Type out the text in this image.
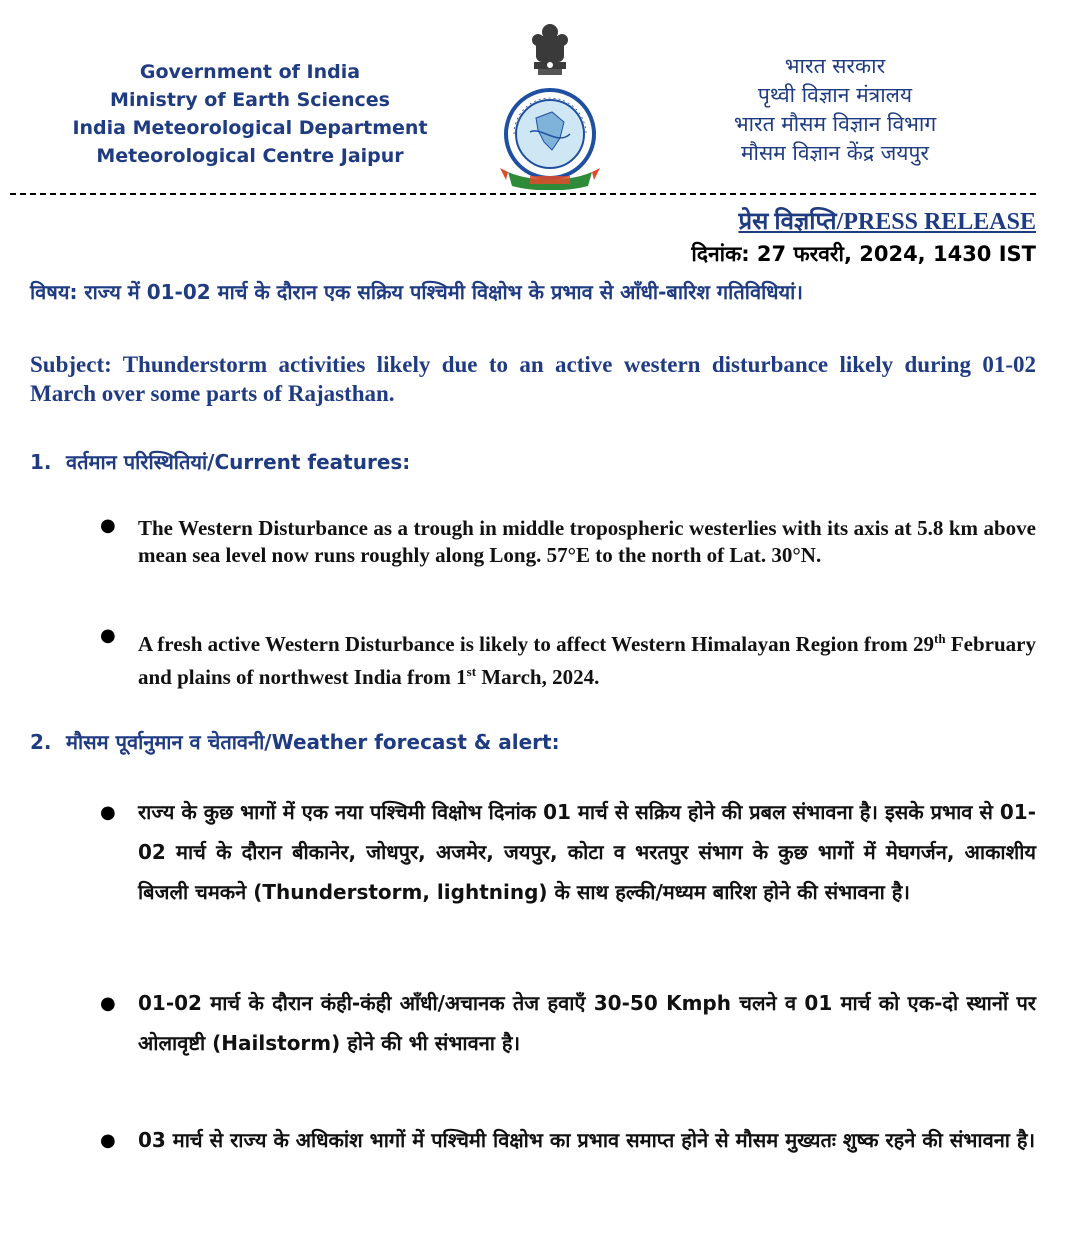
Government of India
Ministry of Earth Sciences
India Meteorological Department
Meteorological Centre Jaipur
भारत सरकार
पृथ्वी विज्ञान मंत्रालय
भारत मौसम विज्ञान विभाग
मौसम विज्ञान केंद्र जयपुर
प्रेस विज्ञप्ति/PRESS RELEASE
दिनांक: 27 फरवरी, 2024, 1430 IST
विषय: राज्य में 01-02 मार्च के दौरान एक सक्रिय पश्चिमी विक्षोभ के प्रभाव से आँधी-बारिश गतिविधियां।
Subject: Thunderstorm activities likely due to an active western disturbance likely during 01-02 March over some parts of Rajasthan.
1. वर्तमान परिस्थितियां/Current features:
● The Western Disturbance as a trough in middle tropospheric westerlies with its axis at 5.8 km above mean sea level now runs roughly along Long. 57°E to the north of Lat. 30°N.
● A fresh active Western Disturbance is likely to affect Western Himalayan Region from 29th February and plains of northwest India from 1st March, 2024.
2. मौसम पूर्वानुमान व चेतावनी/Weather forecast & alert:
● राज्य के कुछ भागों में एक नया पश्चिमी विक्षोभ दिनांक 01 मार्च से सक्रिय होने की प्रबल संभावना है। इसके प्रभाव से 01-02 मार्च के दौरान बीकानेर, जोधपुर, अजमेर, जयपुर, कोटा व भरतपुर संभाग के कुछ भागों में मेघगर्जन, आकाशीय बिजली चमकने (Thunderstorm, lightning) के साथ हल्की/मध्यम बारिश होने की संभावना है।
● 01-02 मार्च के दौरान कंही-कंही आँधी/अचानक तेज हवाएँ 30-50 Kmph चलने व 01 मार्च को एक-दो स्थानों पर ओलावृष्टी (Hailstorm) होने की भी संभावना है।
● 03 मार्च से राज्य के अधिकांश भागों में पश्चिमी विक्षोभ का प्रभाव समाप्त होने से मौसम मुख्यतः शुष्क रहने की संभावना है।
